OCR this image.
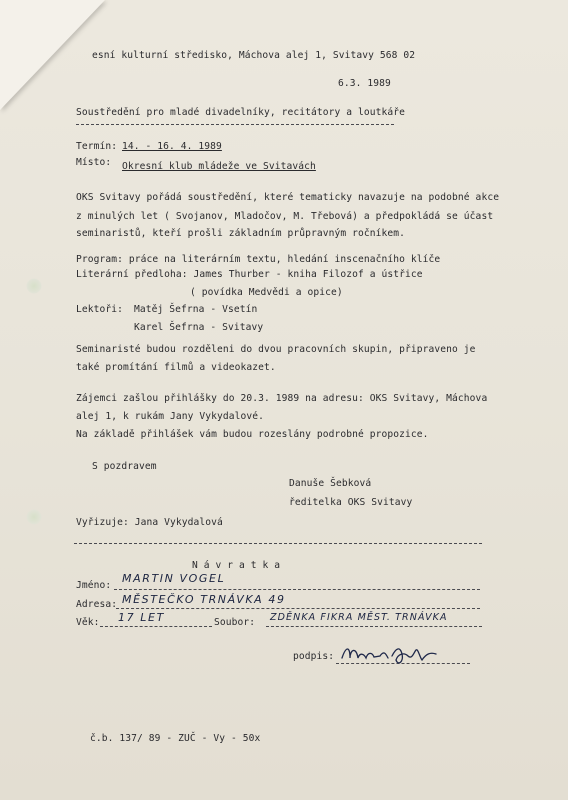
esní kulturní středisko, Máchova alej 1, Svitavy 568 02
6.3. 1989
Soustředění pro mladé divadelníky, recitátory a loutkáře
Termín: 14. - 16. 4. 1989
Místo: Okresní klub mládeže ve Svitavách
OKS Svitavy pořádá soustředění, které tematicky navazuje na podobné akce
z minulých let ( Svojanov, Mladočov, M. Třebová) a předpokládá se účast
seminaristů, kteří prošli základním průpravným ročníkem.
Program: práce na literárním textu, hledání inscenačního klíče
Literární předloha: James Thurber - kniha Filozof a ústřice
( povídka Medvědi a opice)
Lektoři: Matěj Šefrna - Vsetín
Karel Šefrna - Svitavy
Seminaristé budou rozděleni do dvou pracovních skupin, připraveno je
také promítání filmů a videokazet.
Zájemci zašlou přihlášky do 20.3. 1989 na adresu: OKS Svitavy, Máchova
alej 1, k rukám Jany Vykydalové.
Na základě přihlášek vám budou rozeslány podrobné propozice.
S pozdravem
Danuše Šebková
ředitelka OKS Svitavy
Vyřizuje: Jana Vykydalová
N á v r a t k a
Jméno:
MARTIN VOGEL
Adresa: MĚSTEČKO TRNÁVKA 49
Věk: 17 LET	Soubor: ZDĚNKA FIKRA MĚST. TRNÁVKA
podpis:
č.b. 137/ 89 - ZUČ - Vy - 50x
